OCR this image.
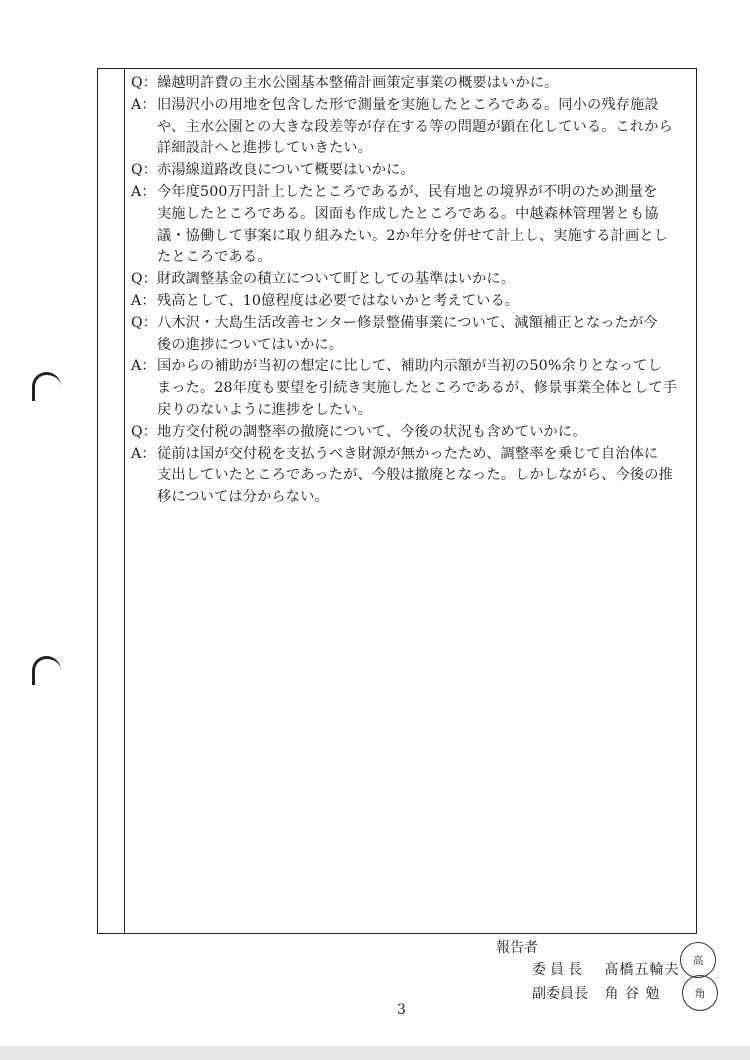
Q： 繰越明許費の主水公園基本整備計画策定事業の概要はいかに。
A： 旧湯沢小の用地を包含した形で測量を実施したところである。同小の残存施設
や、主水公園との大きな段差等が存在する等の問題が顕在化している。これから
詳細設計へと進捗していきたい。
Q： 赤湯線道路改良について概要はいかに。
A： 今年度500万円計上したところであるが、民有地との境界が不明のため測量を
実施したところである。図面も作成したところである。中越森林管理署とも協
議・協働して事案に取り組みたい。2か年分を併せて計上し、実施する計画とし
たところである。
Q： 財政調整基金の積立について町としての基準はいかに。
A： 残高として、10億程度は必要ではないかと考えている。
Q： 八木沢・大島生活改善センター修景整備事業について、減額補正となったが今
後の進捗についてはいかに。
A： 国からの補助が当初の想定に比して、補助内示額が当初の50%余りとなってし
まった。28年度も要望を引続き実施したところであるが、修景事業全体として手
戻りのないように進捗をしたい。
Q： 地方交付税の調整率の撤廃について、今後の状況も含めていかに。
A： 従前は国が交付税を支払うべき財源が無かったため、調整率を乗じて自治体に
支出していたところであったが、今般は撤廃となった。しかしながら、今後の推
移については分からない。
報告者
委員長 髙橋五輪夫
副委員長 角 谷 勉
高
角
3
